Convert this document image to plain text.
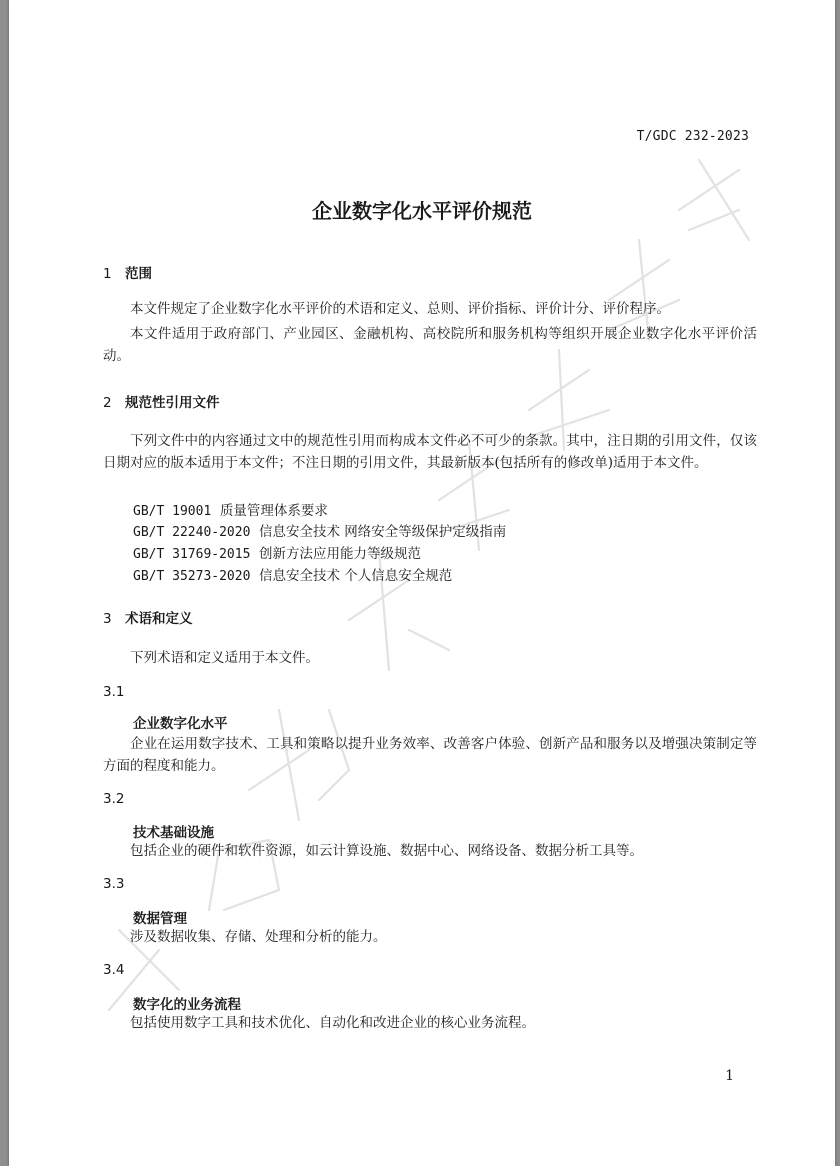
T/GDC 232-2023
企业数字化水平评价规范
1 范围
本文件规定了企业数字化水平评价的术语和定义、总则、评价指标、评价计分、评价程序。
本文件适用于政府部门、产业园区、金融机构、高校院所和服务机构等组织开展企业数字化水平评价活动。
2 规范性引用文件
下列文件中的内容通过文中的规范性引用而构成本文件必不可少的条款。其中，注日期的引用文件，仅该日期对应的版本适用于本文件；不注日期的引用文件，其最新版本(包括所有的修改单)适用于本文件。
GB/T 19001 质量管理体系要求
GB/T 22240-2020 信息安全技术 网络安全等级保护定级指南
GB/T 31769-2015 创新方法应用能力等级规范
GB/T 35273-2020 信息安全技术 个人信息安全规范
3 术语和定义
下列术语和定义适用于本文件。
3.1
企业数字化水平
企业在运用数字技术、工具和策略以提升业务效率、改善客户体验、创新产品和服务以及增强决策制定等方面的程度和能力。
3.2
技术基础设施
包括企业的硬件和软件资源，如云计算设施、数据中心、网络设备、数据分析工具等。
3.3
数据管理
涉及数据收集、存储、处理和分析的能力。
3.4
数字化的业务流程
包括使用数字工具和技术优化、自动化和改进企业的核心业务流程。
1
